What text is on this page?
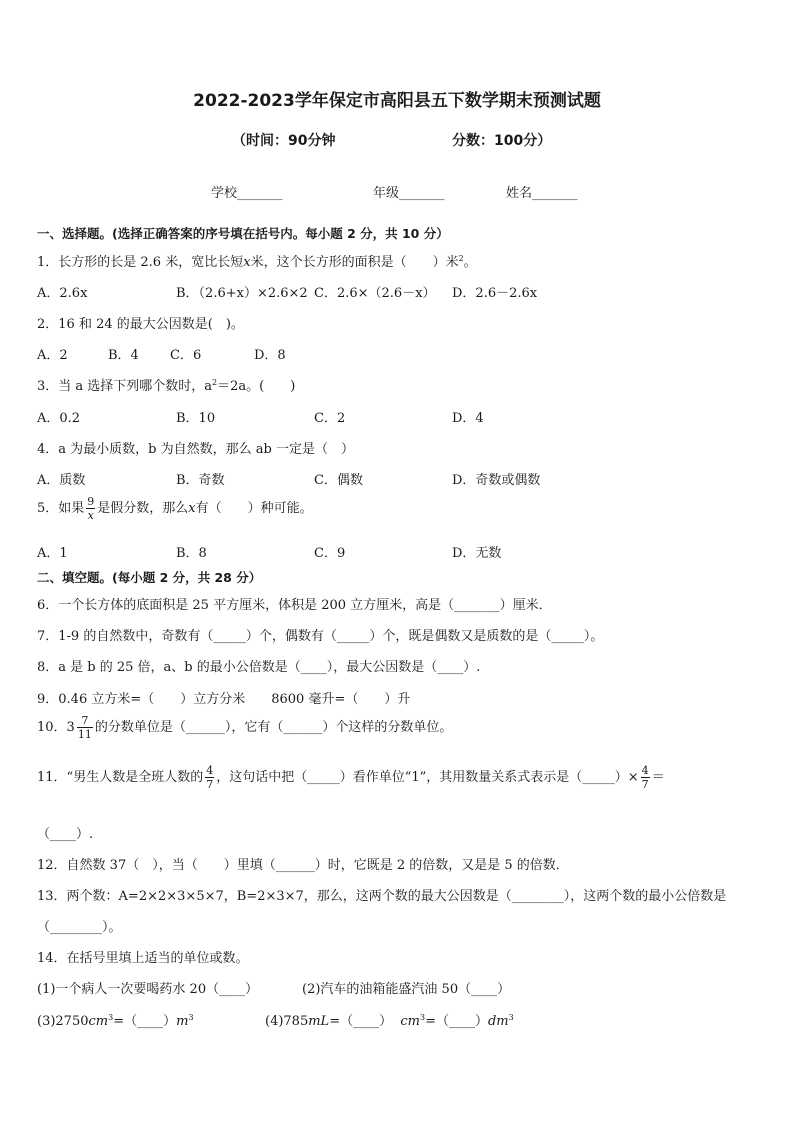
2022-2023学年保定市高阳县五下数学期末预测试题
（时间：90分钟	分数：100分）
学校_______	年级_______	姓名_______
一、选择题。(选择正确答案的序号填在括号内。每小题 2 分，共 10 分）
1．长方形的长是 2.6 米，宽比长短x米，这个长方形的面积是（　　）米$^2$。
A．2.6x	B．（2.6+x）×2.6×2 C．2.6×（2.6－x） D．2.6－2.6x
2．16 和 24 的最大公因数是(　)。
A．2	B．4 C．6	D．8
3．当 a 选择下列哪个数时，$a^2=2a$。(　　)
A．0.2	B．10	C．2	D．4
4．a 为最小质数，b 为自然数，那么 ab 一定是（　）
A．质数	B．奇数	C．偶数	D．奇数或偶数
5．如果 $\frac{9}{x}$ 是假分数，那么x有（　　）种可能。
A．1	B．8	C．9	D．无数
二、填空题。(每小题 2 分，共 28 分）
6．一个长方体的底面积是 25 平方厘米，体积是 200 立方厘米，高是（_______）厘米．
7．1-9 的自然数中，奇数有（_____）个，偶数有（_____）个，既是偶数又是质数的是（_____）。
8．a 是 b 的 25 倍，a、b 的最小公倍数是（____），最大公因数是（____）.
9．0.46 立方米=（　　）立方分米　　8600 毫升=（　　）升
10．$3 \frac{7}{11}$ 的分数单位是（______），它有（______）个这样的分数单位。
11．“男生人数是全班人数的 $\frac{4}{7}$ ，这句话中把（_____）看作单位“1”，其用数量关系式表示是（_____）× $\frac{4}{7}$ ＝
（____）.
12．自然数 37（　），当（　　）里填（______）时，它既是 2 的倍数，又是是 5 的倍数．
13．两个数：A=2×2×3×5×7，B=2×3×7，那么，这两个数的最大公因数是（________），这两个数的最小公倍数是
（________）。
14．在括号里填上适当的单位或数。
(1)一个病人一次要喝药水 20（____）	(2)汽车的油箱能盛汽油 50（____）
$(3)2750cm^3=(\_\_\_\_)m^3$	(4)785mL=（____） $cm^3=(\_\_\_\_)dm^3$
